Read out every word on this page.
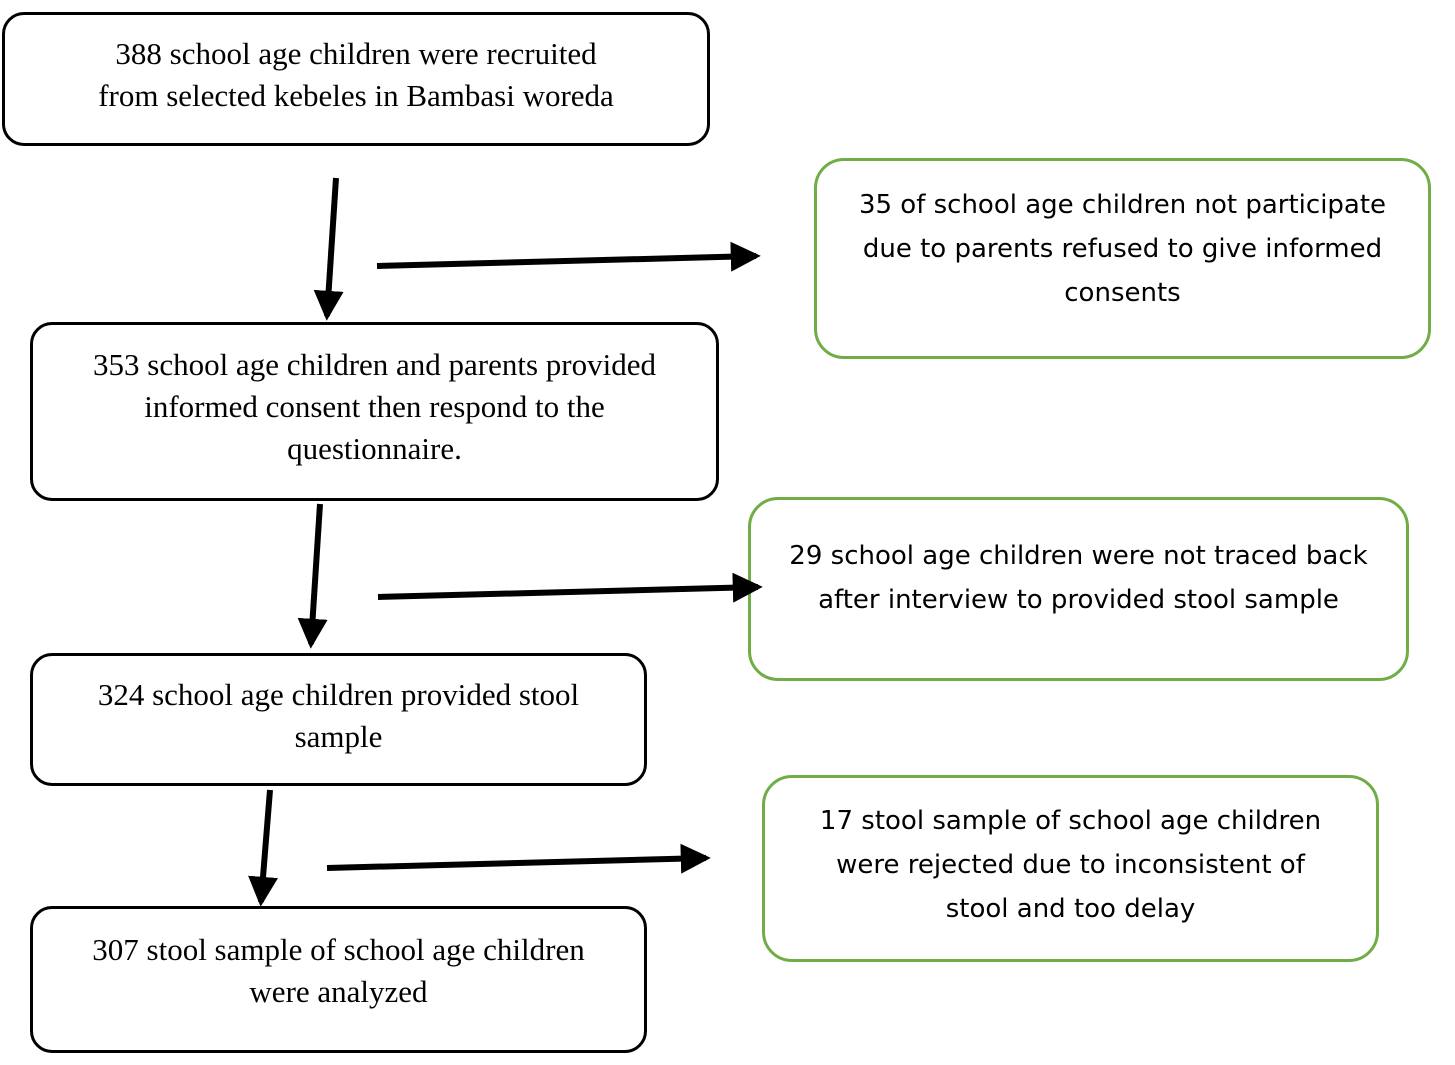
388 school age children were recruited
from selected kebeles in Bambasi woreda
353 school age children and parents provided
informed consent then respond to the
questionnaire.
324 school age children provided stool
sample
307 stool sample of school age children
were analyzed
35 of school age children not participate
due to parents refused to give informed
consents
29 school age children were not traced back
after interview to provided stool sample
17 stool sample of school age children
were rejected due to inconsistent of
stool and too delay
